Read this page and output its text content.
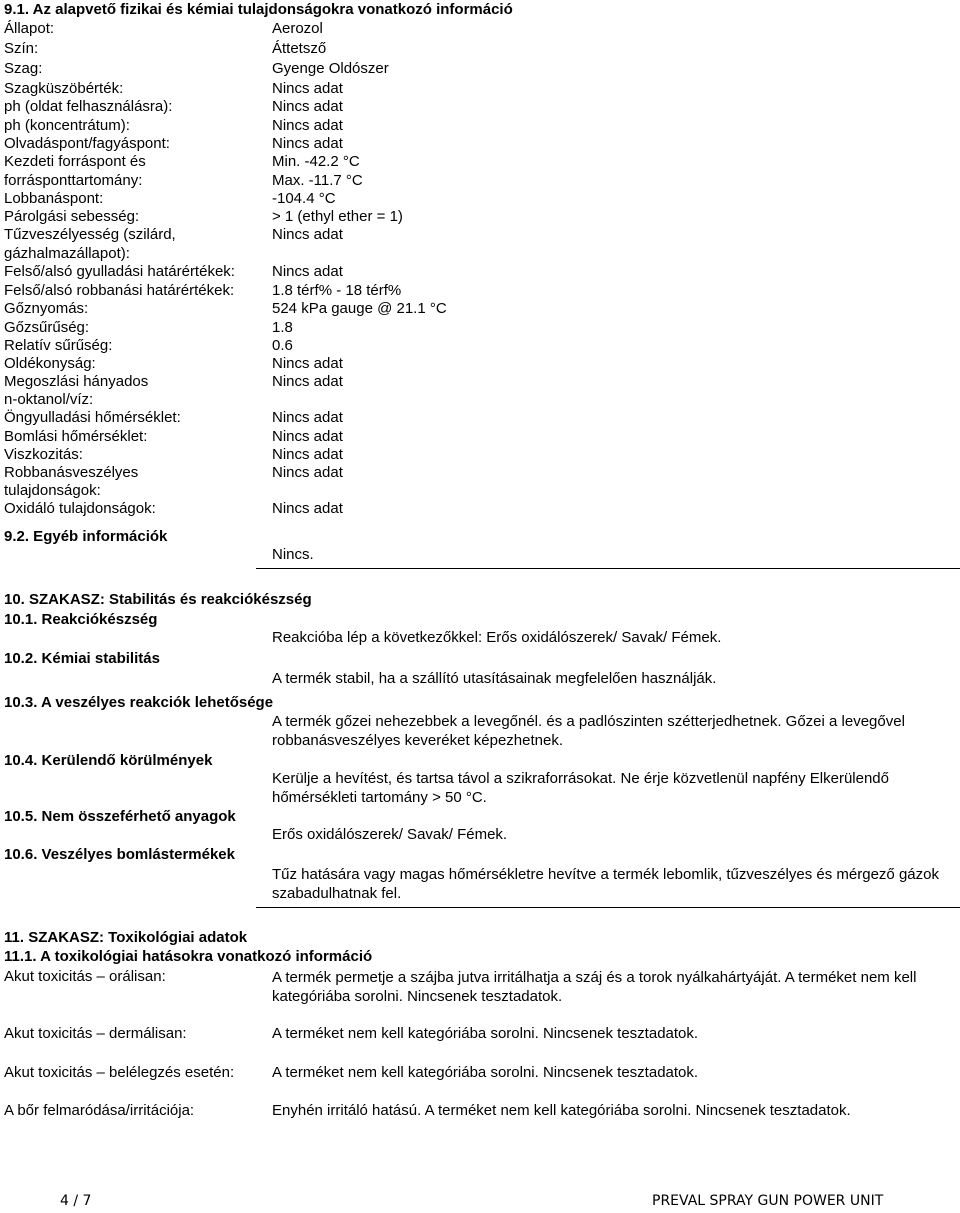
9.1. Az alapvető fizikai és kémiai tulajdonságokra vonatkozó információ
Állapot:	Aerozol
Szín:	Áttetsző
Szag:	Gyenge Oldószer
Szagküszöbérték:	Nincs adat
ph (oldat felhasználásra):	Nincs adat
ph (koncentrátum):	Nincs adat
Olvadáspont/fagyáspont:	Nincs adat
Kezdeti forráspont és	Min. -42.2 °C
forrásponttartomány:	Max. -11.7 °C
Lobbanáspont:	-104.4 °C
Párolgási sebesség:	> 1 (ethyl ether = 1)
Tűzveszélyesség (szilárd,	Nincs adat
gázhalmazállapot):
Felső/alsó gyulladási határértékek: Nincs adat
Felső/alsó robbanási határértékek:	1.8 térf% - 18 térf%
Gőznyomás:	524 kPa gauge @ 21.1 °C
Gőzsűrűség:	1.8
Relatív sűrűség:	0.6
Oldékonyság:	Nincs adat
Megoszlási hányados	Nincs adat
n-oktanol/víz:
Öngyulladási hőmérséklet:	Nincs adat
Bomlási hőmérséklet:	Nincs adat
Viszkozitás:	Nincs adat
Robbanásveszélyes	Nincs adat
tulajdonságok:
Oxidáló tulajdonságok:	Nincs adat
9.2. Egyéb információk
Nincs.
10. SZAKASZ: Stabilitás és reakciókészség
10.1. Reakciókészség
Reakcióba lép a következőkkel: Erős oxidálószerek/ Savak/ Fémek.
10.2. Kémiai stabilitás
A termék stabil, ha a szállító utasításainak megfelelően használják.
10.3. A veszélyes reakciók lehetősége
A termék gőzei nehezebbek a levegőnél. és a padlószinten szétterjedhetnek. Gőzei a levegővel robbanásveszélyes keveréket képezhetnek.
10.4. Kerülendő körülmények
Kerülje a hevítést, és tartsa távol a szikraforrásokat. Ne érje közvetlenül napfény Elkerülendő hőmérsékleti tartomány > 50 °C.
10.5. Nem összeférhető anyagok
Erős oxidálószerek/ Savak/ Fémek.
10.6. Veszélyes bomlástermékek
Tűz hatására vagy magas hőmérsékletre hevítve a termék lebomlik, tűzveszélyes és mérgező gázok szabadulhatnak fel.
11. SZAKASZ: Toxikológiai adatok
11.1. A toxikológiai hatásokra vonatkozó információ
Akut toxicitás – orálisan:	A termék permetje a szájba jutva irritálhatja a száj és a torok nyálkahártyáját. A terméket nem kell kategóriába sorolni. Nincsenek tesztadatok.
Akut toxicitás – dermálisan:	A terméket nem kell kategóriába sorolni. Nincsenek tesztadatok.
Akut toxicitás – belélegzés esetén:	A terméket nem kell kategóriába sorolni. Nincsenek tesztadatok.
A bőr felmaródása/irritációja:	Enyhén irritáló hatású. A terméket nem kell kategóriába sorolni. Nincsenek tesztadatok.
4 / 7	PREVAL SPRAY GUN POWER UNIT
